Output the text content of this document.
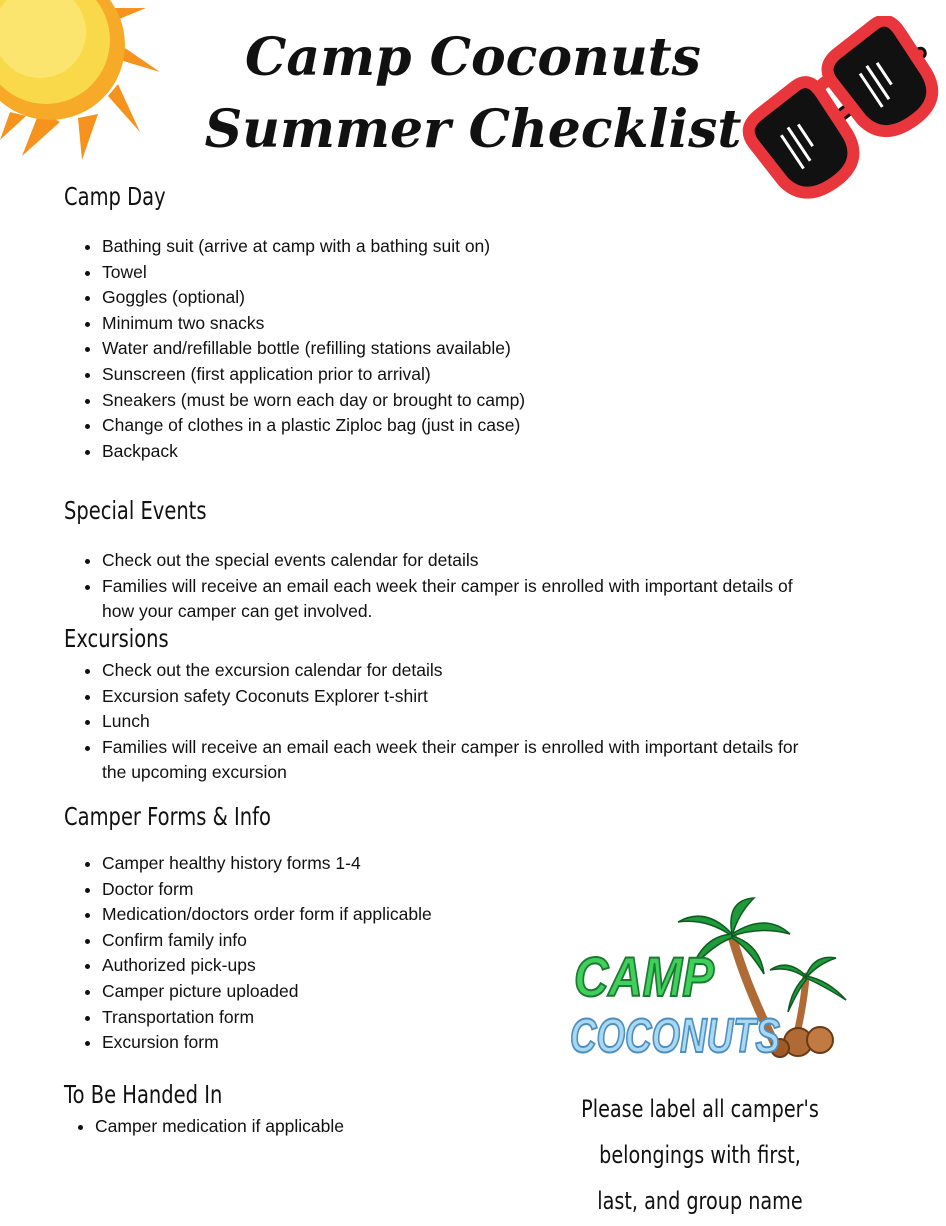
Camp Coconuts
Summer Checklist
Camp Day
Bathing suit (arrive at camp with a bathing suit on)
Towel
Goggles (optional)
Minimum two snacks
Water and/refillable bottle (refilling stations available)
Sunscreen (first application prior to arrival)
Sneakers (must be worn each day or brought to camp)
Change of clothes in a plastic Ziploc bag (just in case)
Backpack
Special Events
Check out the special events calendar for details
Families will receive an email each week their camper is enrolled with important details of how your camper can get involved.
Excursions
Check out the excursion calendar for details
Excursion safety Coconuts Explorer t-shirt
Lunch
Families will receive an email each week their camper is enrolled with important details for the upcoming excursion
Camper Forms & Info
Camper healthy history forms 1-4
Doctor form
Medication/doctors order form if applicable
Confirm family info
Authorized pick-ups
Camper picture uploaded
Transportation form
Excursion form
To Be Handed In
Camper medication if applicable
CAMP
COCONUTS

Please label all camper's belongings with first,
last, and group name
